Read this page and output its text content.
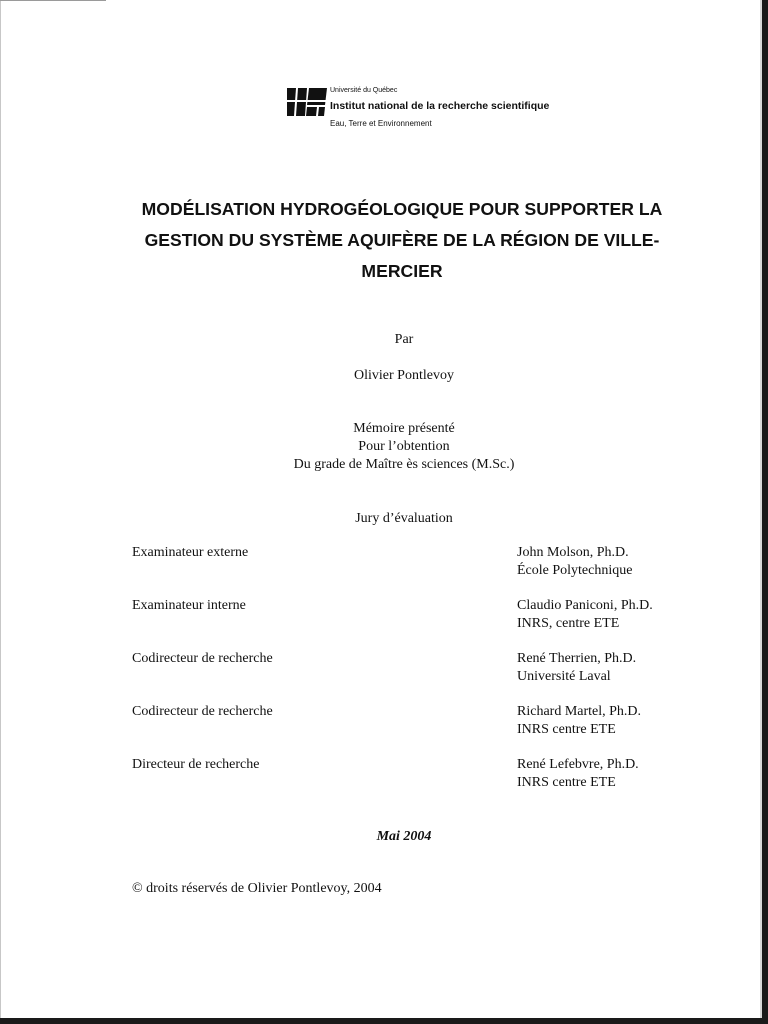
Université du Québec
Institut national de la recherche scientifique
Eau, Terre et Environnement
MODÉLISATION HYDROGÉOLOGIQUE POUR SUPPORTER LA
GESTION DU SYSTÈME AQUIFÈRE DE LA RÉGION DE VILLE-
MERCIER
Par
Olivier Pontlevoy
Mémoire présenté
Pour l’obtention
Du grade de Maître ès sciences (M.Sc.)
Jury d’évaluation
Examinateur externe	John Molson, Ph.D.
École Polytechnique
Examinateur interne	Claudio Paniconi, Ph.D.
INRS, centre ETE
Codirecteur de recherche	René Therrien, Ph.D.
Université Laval
Codirecteur de recherche	Richard Martel, Ph.D.
INRS centre ETE
Directeur de recherche	René Lefebvre, Ph.D.
INRS centre ETE
Mai 2004
© droits réservés de Olivier Pontlevoy, 2004
